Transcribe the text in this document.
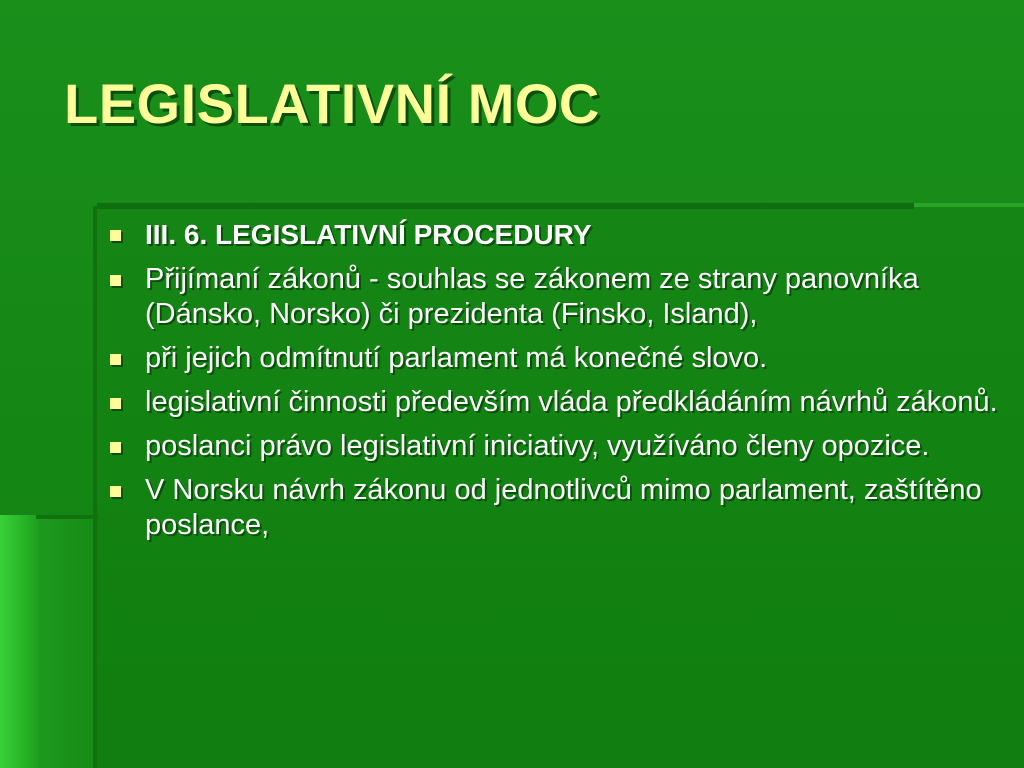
LEGISLATIVNÍ MOC
III. 6. LEGISLATIVNÍ PROCEDURY
Přijímaní zákonů - souhlas se zákonem ze strany panovníka (Dánsko, Norsko) či prezidenta (Finsko, Island),
při jejich odmítnutí parlament má konečné slovo.
legislativní činnosti především vláda předkládáním návrhů zákonů.
poslanci právo legislativní iniciativy, využíváno členy opozice.
V Norsku návrh zákonu od jednotlivců mimo parlament, zaštítěno poslance,
